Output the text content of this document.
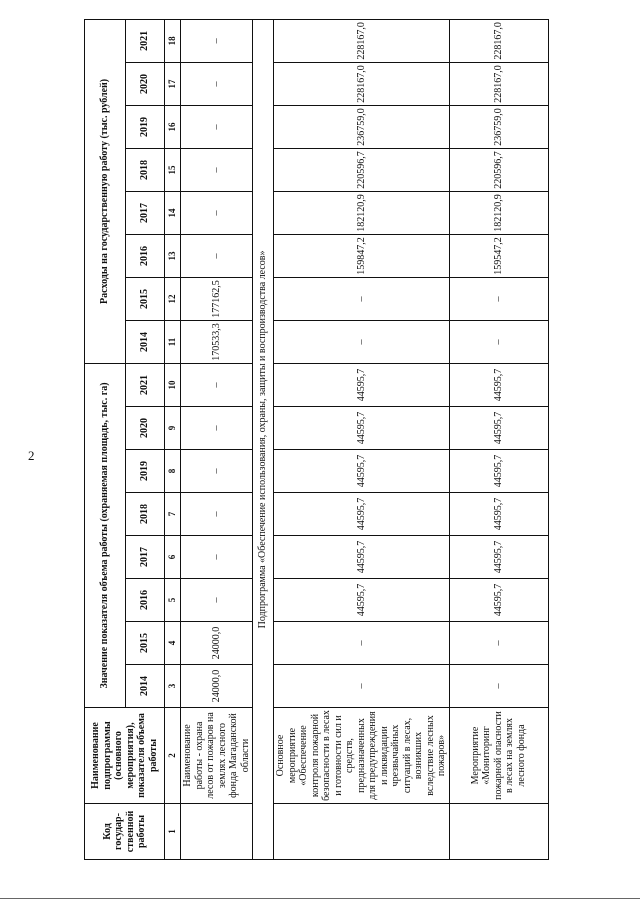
2
Код государ-ственной работы	Наименование подпрограммы (основного мероприятия), показателя объема работы	Значение показателя объема работы (охраняемая площадь, тыс. га)								Расходы на государственную работу (тыс. рублей)							
		2014	2015	2016	2017	2018	2019	2020	2021	2014	2015	2016	2017	2018	2019	2020	2021
1	2	3	4	5	6	7	8	9	10	11	12	13	14	15	16	17	18
	Наименование работы - охрана лесов от пожаров на землях лесного фонда Магаданской области	24000,0	24000,0	–	–	–	–	–	–	170533,3	177162,5	–	–	–	–	–	–
Подпрограмма «Обеспечение использования, охраны, защиты и воспроизводства лесов»																	
	Основное мероприятие «Обеспечение контроля пожарной безопасности в лесах и готовности сил и средств, предназначенных для предупреждения и ликвидации чрезвычайных ситуаций в лесах, возникших вследствие лесных пожаров»	–	–	44595,7	44595,7	44595,7	44595,7	44595,7	44595,7	–	–	159847,2	182120,9	220596,7	236759,0	228167,0	228167,0
	Мероприятие «Мониторинг пожарной опасности в лесах на землях лесного фонда	–	–	44595,7	44595,7	44595,7	44595,7	44595,7	44595,7	–	–	159547,2	182120,9	220596,7	236759,0	228167,0	228167,0
